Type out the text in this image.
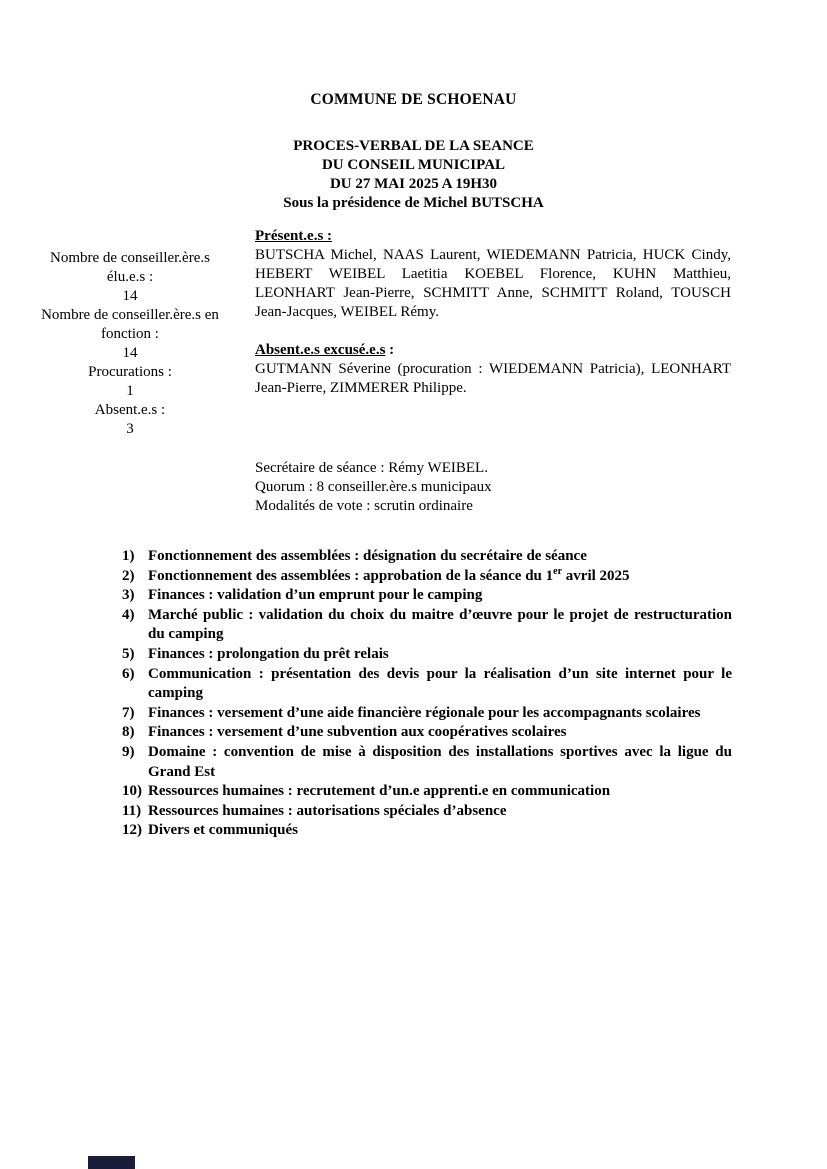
COMMUNE DE SCHOENAU
PROCES-VERBAL DE LA SEANCE
DU CONSEIL MUNICIPAL
DU 27 MAI 2025 A 19H30
Sous la présidence de Michel BUTSCHA
Nombre de conseiller.ère.s élu.e.s :
14
Nombre de conseiller.ère.s en fonction :
14
Procurations :
1
Absent.e.s :
3
Présent.e.s :

BUTSCHA Michel, NAAS Laurent, WIEDEMANN Patricia, HUCK Cindy, HEBERT WEIBEL Laetitia KOEBEL Florence, KUHN Matthieu, LEONHART Jean-Pierre, SCHMITT Anne, SCHMITT Roland, TOUSCH Jean-Jacques, WEIBEL Rémy.

Absent.e.s excusé.e.s :

GUTMANN Séverine (procuration : WIEDEMANN Patricia), LEONHART Jean-Pierre, ZIMMERER Philippe.

Secrétaire de séance : Rémy WEIBEL.
Quorum : 8 conseiller.ère.s municipaux
Modalités de vote : scrutin ordinaire
1) Fonctionnement des assemblées : désignation du secrétaire de séance
2) Fonctionnement des assemblées : approbation de la séance du 1er avril 2025
3) Finances : validation d’un emprunt pour le camping
4) Marché public : validation du choix du maitre d’œuvre pour le projet de restructuration du camping
5) Finances : prolongation du prêt relais
6) Communication : présentation des devis pour la réalisation d’un site internet pour le camping
7) Finances : versement d’une aide financière régionale pour les accompagnants scolaires
8) Finances : versement d’une subvention aux coopératives scolaires
9) Domaine : convention de mise à disposition des installations sportives avec la ligue du Grand Est
10) Ressources humaines : recrutement d’un.e apprenti.e en communication
11) Ressources humaines : autorisations spéciales d’absence
12) Divers et communiqués
